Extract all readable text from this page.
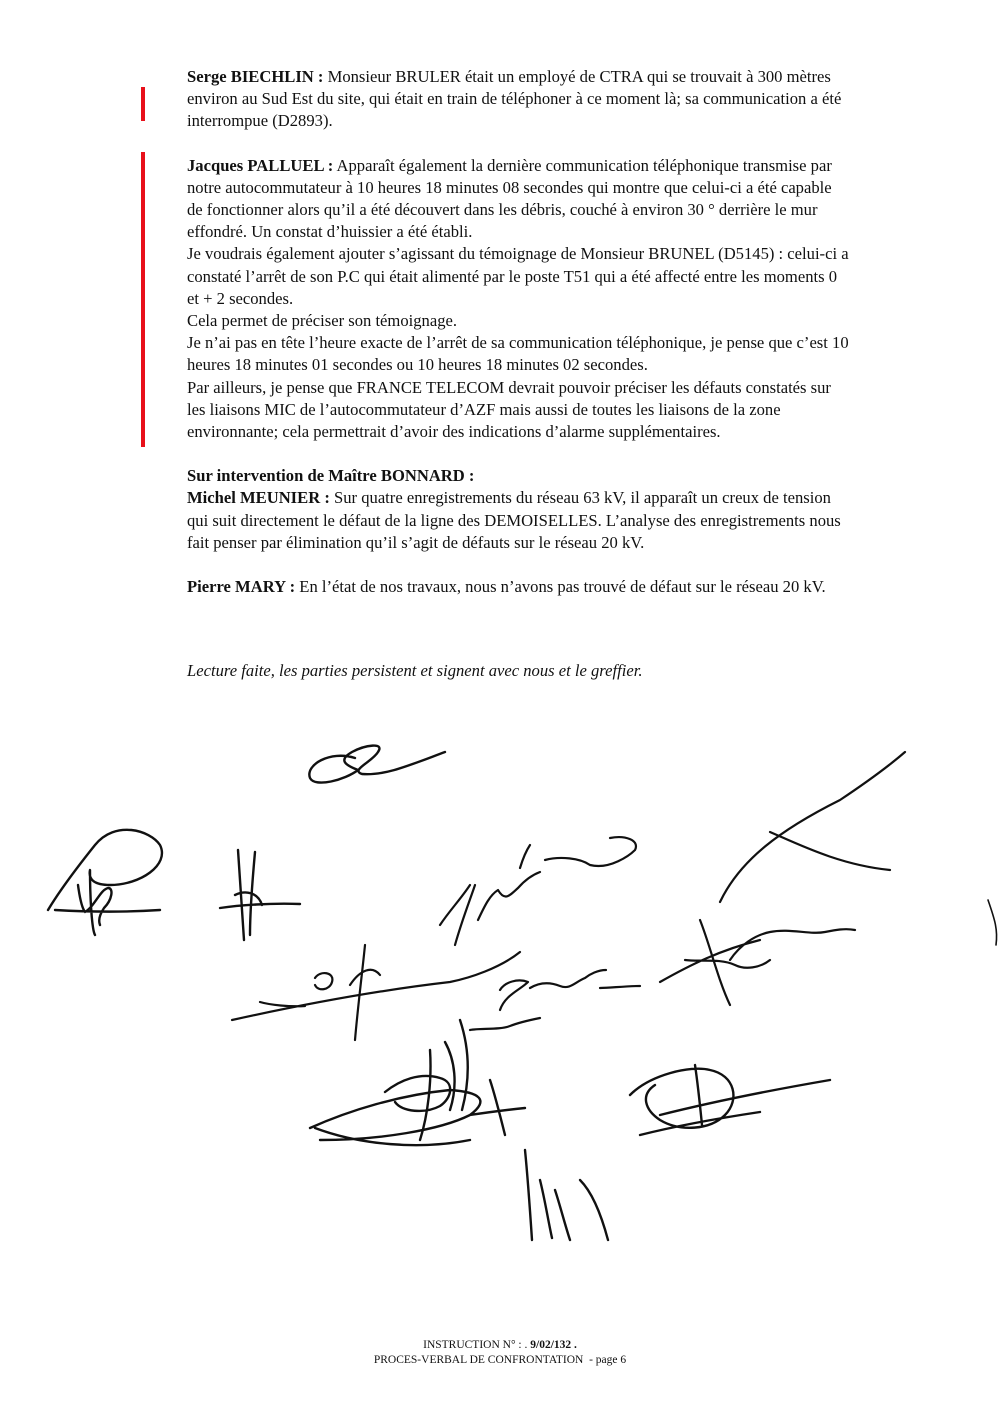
Serge BIECHLIN : Monsieur BRULER était un employé de CTRA qui se trouvait à 300 mètres
environ au Sud Est du site, qui était en train de téléphoner à ce moment là; sa communication a été
interrompue (D2893).

Jacques PALLUEL : Apparaît également la dernière communication téléphonique transmise par
notre autocommutateur à 10 heures 18 minutes 08 secondes qui montre que celui-ci a été capable
de fonctionner alors qu’il a été découvert dans les débris, couché à environ 30 ° derrière le mur
effondré. Un constat d’huissier a été établi.
Je voudrais également ajouter s’agissant du témoignage de Monsieur BRUNEL (D5145) : celui-ci a
constaté l’arrêt de son P.C qui était alimenté par le poste T51 qui a été affecté entre les moments 0
et + 2 secondes.
Cela permet de préciser son témoignage.
Je n’ai pas en tête l’heure exacte de l’arrêt de sa communication téléphonique, je pense que c’est 10
heures 18 minutes 01 secondes ou 10 heures 18 minutes 02 secondes.
Par ailleurs, je pense que FRANCE TELECOM devrait pouvoir préciser les défauts constatés sur
les liaisons MIC de l’autocommutateur d’AZF mais aussi de toutes les liaisons de la zone
environnante; cela permettrait d’avoir des indications d’alarme supplémentaires.

Sur intervention de Maître BONNARD :
Michel MEUNIER : Sur quatre enregistrements du réseau 63 kV, il apparaît un creux de tension
qui suit directement le défaut de la ligne des DEMOISELLES. L’analyse des enregistrements nous
fait penser par élimination qu’il s’agit de défauts sur le réseau 20 kV.

Pierre MARY : En l’état de nos travaux, nous n’avons pas trouvé de défaut sur le réseau 20 kV.

Lecture faite, les parties persistent et signent avec nous et le greffier.
INSTRUCTION N° : . 9/02/132 .
PROCES-VERBAL DE CONFRONTATION - page 6
